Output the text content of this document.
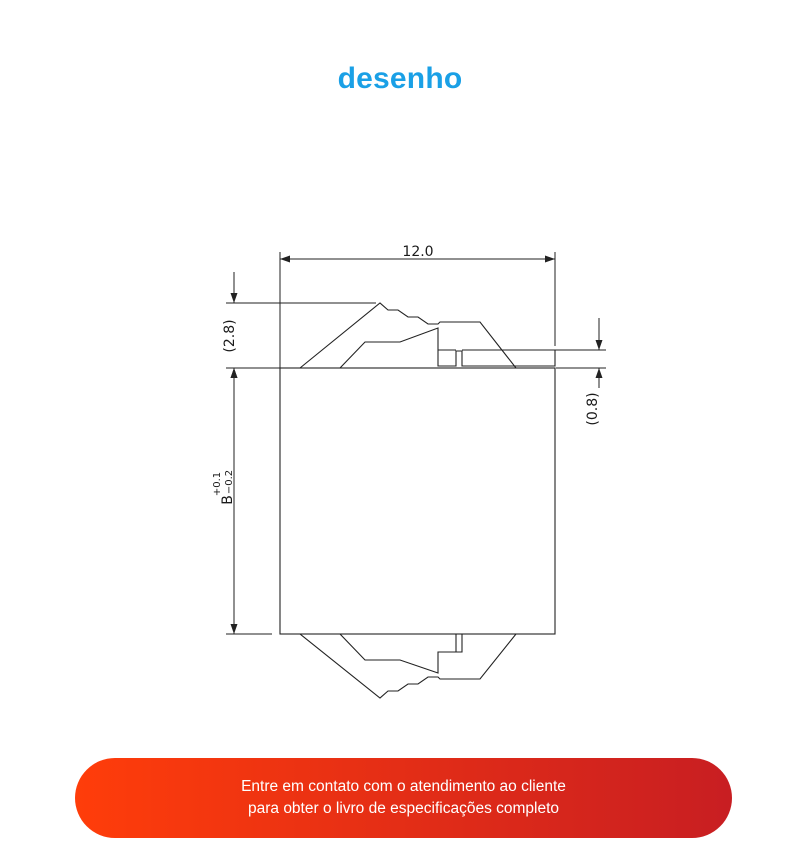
desenho
12.0
(2.8)
(0.8)
B
+0.1 −0.2
Entre em contato com o atendimento ao cliente
para obter o livro de especificações completo
